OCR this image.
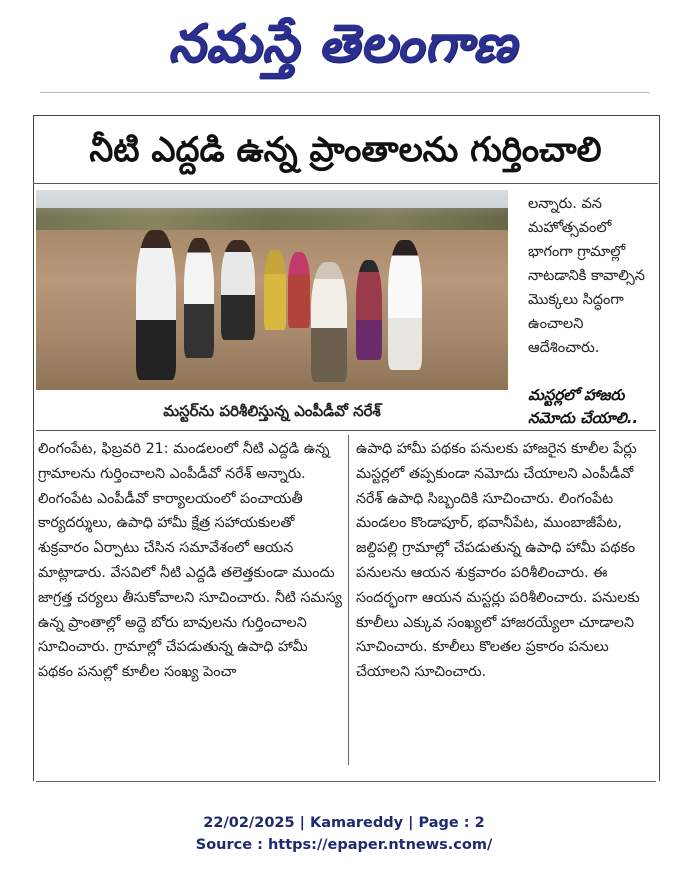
నమస్తే తెలంగాణ
నీటి ఎద్దడి ఉన్న ప్రాంతాలను గుర్తించాలి
మస్టర్‌ను పరిశీలిస్తున్న ఎంపీడీవో నరేశ్

లన్నారు. వన మహోత్సవంలో భాగంగా గ్రామాల్లో నాటడానికి కావాల్సిన మొక్కలు సిద్ధంగా ఉంచాలని ఆదేశించారు.

మస్టర్లలో హాజరు నమోదు చేయాలి..

లింగంపేట, ఫిబ్రవరి 21: మండలంలో నీటి ఎద్దడి ఉన్న గ్రామాలను గుర్తించాలని ఎంపీడీవో నరేశ్ అన్నారు. లింగంపేట ఎంపీడీవో కార్యాలయంలో పంచాయతీ కార్యదర్శులు, ఉపాధి హామీ క్షేత్ర సహాయకులతో శుక్రవారం ఏర్పాటు చేసిన సమావేశంలో ఆయన మాట్లాడారు. వేసవిలో నీటి ఎద్దడి తలెత్తకుండా ముందు జాగ్రత్త చర్యలు తీసుకోవాలని సూచించారు. నీటి సమస్య ఉన్న ప్రాంతాల్లో అద్దె బోరు బావులను గుర్తించాలని సూచించారు. గ్రామాల్లో చేపడుతున్న ఉపాధి హామీ పథకం పనుల్లో కూలీల సంఖ్య పెంచా

ఉపాధి హామీ పథకం పనులకు హాజరైన కూలీల పేర్లు మస్టర్లలో తప్పకుండా నమోదు చేయాలని ఎంపీడీవో నరేశ్ ఉపాధి సిబ్బందికి సూచించారు. లింగంపేట మండలం కొండాపూర్, భవానీపేట, ముంబాజీపేట, జల్దిపల్లి గ్రామాల్లో చేపడుతున్న ఉపాధి హామీ పథకం పనులను ఆయన శుక్రవారం పరిశీలించారు. ఈ సందర్భంగా ఆయన మస్టర్లు పరిశీలించారు. పనులకు కూలీలు ఎక్కువ సంఖ్యలో హాజరయ్యేలా చూడాలని సూచించారు. కూలీలు కొలతల ప్రకారం పనులు చేయాలని సూచించారు.

22/02/2025 | Kamareddy | Page : 2
Source : https://epaper.ntnews.com/
